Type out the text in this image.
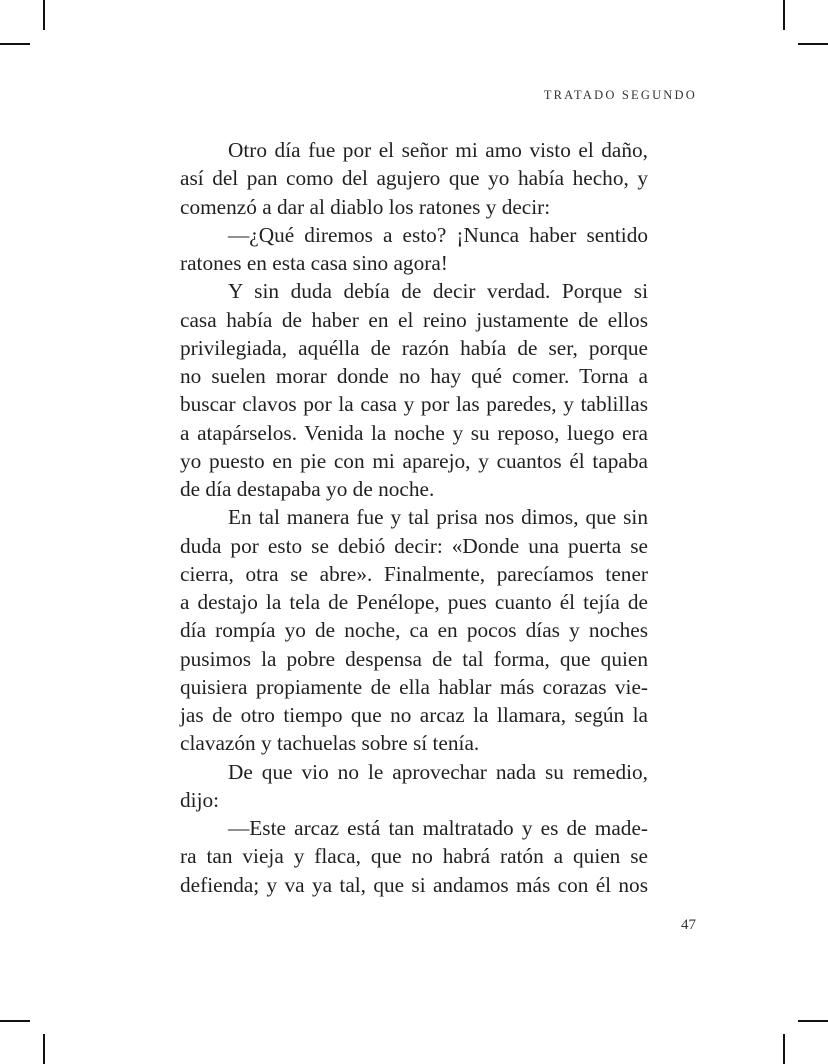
TRATADO SEGUNDO
Otro día fue por el señor mi amo visto el daño,
así del pan como del agujero que yo había hecho, y
comenzó a dar al diablo los ratones y decir:
—¿Qué diremos a esto? ¡Nunca haber sentido
ratones en esta casa sino agora!
Y sin duda debía de decir verdad. Porque si
casa había de haber en el reino justamente de ellos
privilegiada, aquélla de razón había de ser, porque
no suelen morar donde no hay qué comer. Torna a
buscar clavos por la casa y por las paredes, y tablillas
a atapárselos. Venida la noche y su reposo, luego era
yo puesto en pie con mi aparejo, y cuantos él tapaba
de día destapaba yo de noche.
En tal manera fue y tal prisa nos dimos, que sin
duda por esto se debió decir: «Donde una puerta se
cierra, otra se abre». Finalmente, parecíamos tener
a destajo la tela de Penélope, pues cuanto él tejía de
día rompía yo de noche, ca en pocos días y noches
pusimos la pobre despensa de tal forma, que quien
quisiera propiamente de ella hablar más corazas vie-
jas de otro tiempo que no arcaz la llamara, según la
clavazón y tachuelas sobre sí tenía.
De que vio no le aprovechar nada su remedio,
dijo:
—Este arcaz está tan maltratado y es de made-
ra tan vieja y flaca, que no habrá ratón a quien se
defienda; y va ya tal, que si andamos más con él nos
47
